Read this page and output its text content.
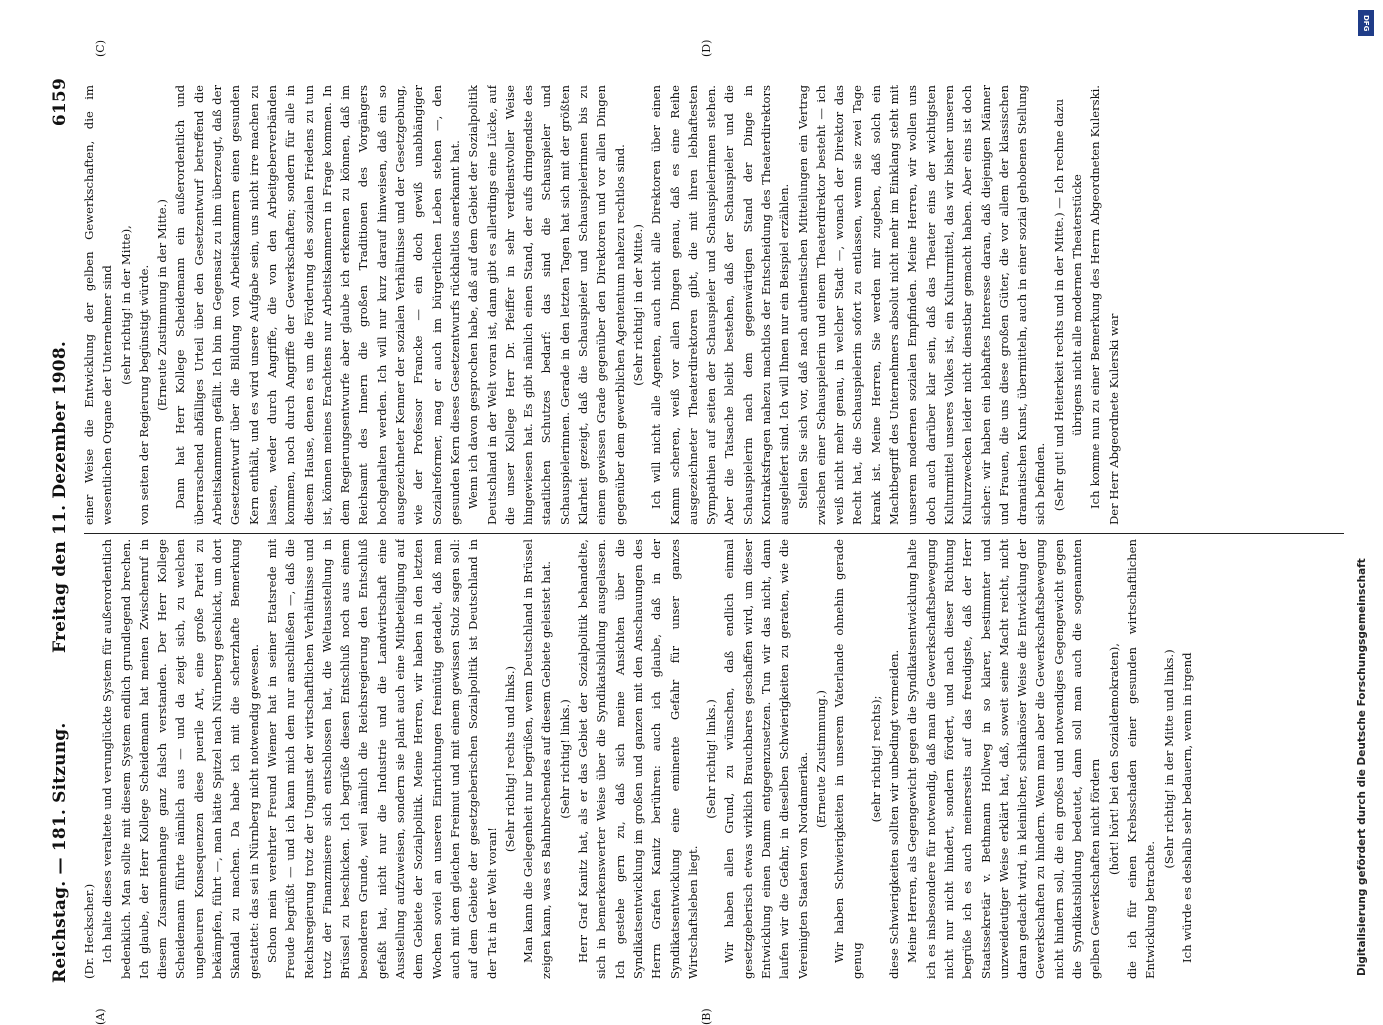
Reichstag. — 181. Sitzung.
Freitag den 11. Dezember 1908.
6159
(A)	(B)
(C)	(D)

(Dr. Heckscher.) Ich halte dieses veraltete und verunglückte System für außerordentlich bedenklich. Man sollte mit diesem System endlich grundlegend brechen. Ich glaube, der Herr Kollege Scheidemann hat meinen Zwischenruf in diesem Zusammenhange ganz falsch verstanden. Der Herr Kollege Scheidemann führte nämlich aus — und da zeigt sich, zu welchen ungeheuren Konsequenzen diese puerile Art, eine große Partei zu bekämpfen, führt —, man hätte Spitzel nach Nürnberg geschickt, um dort Skandal zu machen. Da habe ich mit die scherzhafte Bemerkung gestattet: das sei in Nürnberg nicht notwendig gewesen. Schon mein verehrter Freund Wiemer hat in seiner Etatsrede mit Freude begrüßt — und ich kann mich dem nur anschließen —, daß die Reichsregierung trotz der Ungunst der wirtschaftlichen Verhältnisse und trotz der Finanzmisere sich entschlossen hat, die Weltausstellung in Brüssel zu beschicken. Ich begrüße diesen Entschluß noch aus einem besonderen Grunde, weil nämlich die Reichsregierung den Entschluß gefaßt hat, nicht nur die Industrie und die Landwirtschaft eine Ausstellung aufzuweisen, sondern sie plant auch eine Mitbeteiligung auf dem Gebiete der Sozialpolitik. Meine Herren, wir haben in den letzten Wochen soviel an unseren Einrichtungen freimütig getadelt, daß man auch mit dem gleichen Freimut und mit einem gewissen Stolz sagen soll: auf dem Gebiete der gesetzgeberischen Sozialpolitik ist Deutschland in der Tat in der Welt voran!

(Sehr richtig! rechts und links.) Man kann die Gelegenheit nur begrüßen, wenn Deutschland in Brüssel zeigen kann, was es Bahnbrechendes auf diesem Gebiete geleistet hat. (Sehr richtig! links.) Herr Graf Kanitz hat, als er das Gebiet der Sozialpolitik behandelte, sich in bemerkenswerter Weise über die Syndikatsbildung ausgelassen. Ich gestehe gern zu, daß sich meine Ansichten über die Syndikatsentwicklung im großen und ganzen mit den Anschauungen des Herrn Grafen Kanitz berühren: auch ich glaube, daß in der Syndikatsentwicklung eine eminente Gefahr für unser ganzes Wirtschaftsleben liegt.

(Sehr richtig! links.) Wir haben allen Grund, zu wünschen, daß endlich einmal gesetzgeberisch etwas wirklich Brauchbares geschaffen wird, um dieser Entwicklung einen Damm entgegenzusetzen. Tun wir das nicht, dann laufen wir die Gefahr, in dieselben Schwierigkeiten zu geraten, wie die Vereinigten Staaten von Nordamerika. (Erneute Zustimmung.) Wir haben Schwierigkeiten in unserem Vaterlande ohnehin gerade genug

(sehr richtig! rechts); diese Schwierigkeiten sollten wir unbedingt vermeiden. Meine Herren, als Gegengewicht gegen die Syndikatsentwicklung halte ich es insbesondere für notwendig, daß man die Gewerkschaftsbewegung nicht nur nicht hindert, sondern fördert, und nach dieser Richtung begrüße ich es auch meinerseits auf das freudigste, daß der Herr Staatssekretär v. Bethmann Hollweg in so klarer, bestimmter und unzweideutiger Weise erklärt hat, daß, soweit seine Macht reicht, nicht daran gedacht wird, in kleinlicher, schikanöser Weise die Entwicklung der Gewerkschaften zu hindern. Wenn man aber die Gewerkschaftsbewegung nicht hindern soll, die ein großes und notwendiges Gegengewicht gegen die Syndikatsbildung bedeutet, dann soll man auch die sogenannten gelben Gewerkschaften nicht fördern (hört! hört! bei den Sozialdemokraten), die ich für einen Krebsschaden einer gesunden wirtschaftlichen Entwicklung betrachte.

(Sehr richtig! in der Mitte und links.) Ich würde es deshalb sehr bedauern, wenn in irgend

einer Weise die Entwicklung der gelben Gewerkschaften, die im wesentlichen Organe der Unternehmer sind (sehr richtig! in der Mitte), von seiten der Regierung begünstigt würde. (Erneute Zustimmung in der Mitte.) Dann hat Herr Kollege Scheidemann ein außerordentlich und überraschend abfälliges Urteil über den Gesetzentwurf betreffend die Arbeitskammern gefällt. Ich bin im Gegensatz zu ihm überzeugt, daß der Gesetzentwurf über die Bildung von Arbeitskammern einen gesunden Kern enthält, und es wird unsere Aufgabe sein, uns nicht irre machen zu lassen, weder durch Angriffe, die von den Arbeitgeberverbänden kommen, noch durch Angriffe der Gewerkschaften; sondern für alle in diesem Hause, denen es um die Förderung des sozialen Friedens zu tun ist, können meines Erachtens nur Arbeitskammern in Frage kommen. In dem Regierungsentwurfe aber glaube ich erkennen zu können, daß im Reichsamt des Innern die großen Traditionen des Vorgängers hochgehalten werden. Ich will nur kurz darauf hinweisen, daß ein so ausgezeichneter Kenner der sozialen Verhältnisse und der Gesetzgebung, wie der Professor Francke — ein doch gewiß unabhängiger Sozialreformer, mag er auch im bürgerlichen Leben stehen —, den gesunden Kern dieses Gesetzentwurfs rückhaltlos anerkannt hat. Wenn ich davon gesprochen habe, daß auf dem Gebiet der Sozialpolitik Deutschland in der Welt voran ist, dann gibt es allerdings eine Lücke, auf die unser Kollege Herr Dr. Pfeiffer in sehr verdienstvoller Weise hingewiesen hat. Es gibt nämlich einen Stand, der aufs dringendste des staatlichen Schutzes bedarf: das sind die Schauspieler und Schauspielerinnen. Gerade in den letzten Tagen hat sich mit der größten Klarheit gezeigt, daß die Schauspieler und Schauspielerinnen bis zu einem gewissen Grade gegenüber den Direktoren und vor allen Dingen gegenüber dem gewerblichen Agententum nahezu rechtlos sind. (Sehr richtig! in der Mitte.) Ich will nicht alle Agenten, auch nicht alle Direktoren über einen Kamm scheren, weiß vor allen Dingen genau, daß es eine Reihe ausgezeichneter Theaterdirektoren gibt, die mit ihren lebhaftesten Sympathien auf seiten der Schauspieler und Schauspielerinnen stehen. Aber die Tatsache bleibt bestehen, daß der Schauspieler und die Schauspielerin nach dem gegenwärtigen Stand der Dinge in Kontraktsfragen nahezu machtlos der Entscheidung des Theaterdirektors ausgeliefert sind. Ich will Ihnen nur ein Beispiel erzählen. Stellen Sie sich vor, daß nach authentischen Mitteilungen ein Vertrag zwischen einer Schauspielerin und einem Theaterdirektor besteht — ich weiß nicht mehr genau, in welcher Stadt —, wonach der Direktor das Recht hat, die Schauspielerin sofort zu entlassen, wenn sie zwei Tage krank ist. Meine Herren, Sie werden mir zugeben, daß solch ein Machtbegriff des Unternehmers absolut nicht mehr im Einklang steht mit unserem modernen sozialen Empfinden. Meine Herren, wir wollen uns doch auch darüber klar sein, daß das Theater eins der wichtigsten Kulturmittel unseres Volkes ist, ein Kulturmittel, das wir bisher unseren Kulturzwecken leider nicht dienstbar gemacht haben. Aber eins ist doch sicher: wir haben ein lebhaftes Interesse daran, daß diejenigen Männer und Frauen, die uns diese großen Güter, die vor allem der klassischen dramatischen Kunst, übermitteln, auch in einer sozial gehobenen Stellung sich befinden. (Sehr gut! und Heiterkeit rechts und in der Mitte.) — Ich rechne dazu übrigens nicht alle modernen Theaterstücke Ich komme nun zu einer Bemerkung des Herrn Abgeordneten Kulerski. Der Herr Abgeordnete Kulerski war

DFG
Digitalisierung gefördert durch die Deutsche Forschungsgemeinschaft
